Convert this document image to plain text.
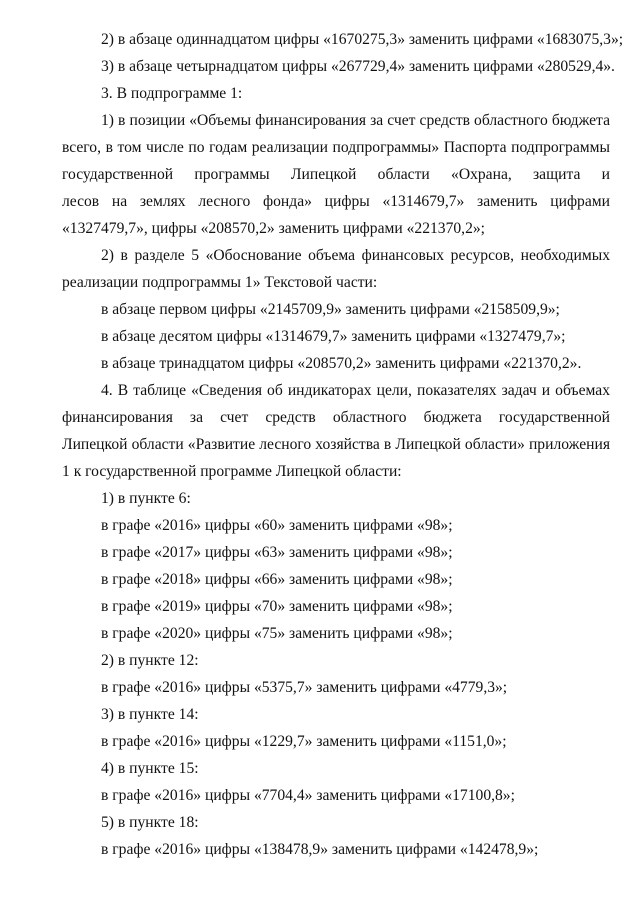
2) в абзаце одиннадцатом цифры «1670275,3» заменить цифрами «1683075,3»;

3) в абзаце четырнадцатом цифры «267729,4» заменить цифрами «280529,4».

3. В подпрограмме 1:

1) в позиции «Объемы финансирования за счет средств областного бюджета

всего, в том числе по годам реализации подпрограммы» Паспорта подпрограммы

государственной программы Липецкой области «Охрана, защита и

лесов на землях лесного фонда» цифры «1314679,7» заменить цифрами

«1327479,7», цифры «208570,2» заменить цифрами «221370,2»;

2) в разделе 5 «Обоснование объема финансовых ресурсов, необходимых

реализации подпрограммы 1» Текстовой части:

в абзаце первом цифры «2145709,9» заменить цифрами «2158509,9»;

в абзаце десятом цифры «1314679,7» заменить цифрами «1327479,7»;

в абзаце тринадцатом цифры «208570,2» заменить цифрами «221370,2».

4. В таблице «Сведения об индикаторах цели, показателях задач и объемах

финансирования за счет средств областного бюджета государственной

Липецкой области «Развитие лесного хозяйства в Липецкой области» приложения

1 к государственной программе Липецкой области:

1) в пункте 6:

в графе «2016» цифры «60» заменить цифрами «98»;

в графе «2017» цифры «63» заменить цифрами «98»;

в графе «2018» цифры «66» заменить цифрами «98»;

в графе «2019» цифры «70» заменить цифрами «98»;

в графе «2020» цифры «75» заменить цифрами «98»;

2) в пункте 12:

в графе «2016» цифры «5375,7» заменить цифрами «4779,3»;

3) в пункте 14:

в графе «2016» цифры «1229,7» заменить цифрами «1151,0»;

4) в пункте 15:

в графе «2016» цифры «7704,4» заменить цифрами «17100,8»;

5) в пункте 18:

в графе «2016» цифры «138478,9» заменить цифрами «142478,9»;
